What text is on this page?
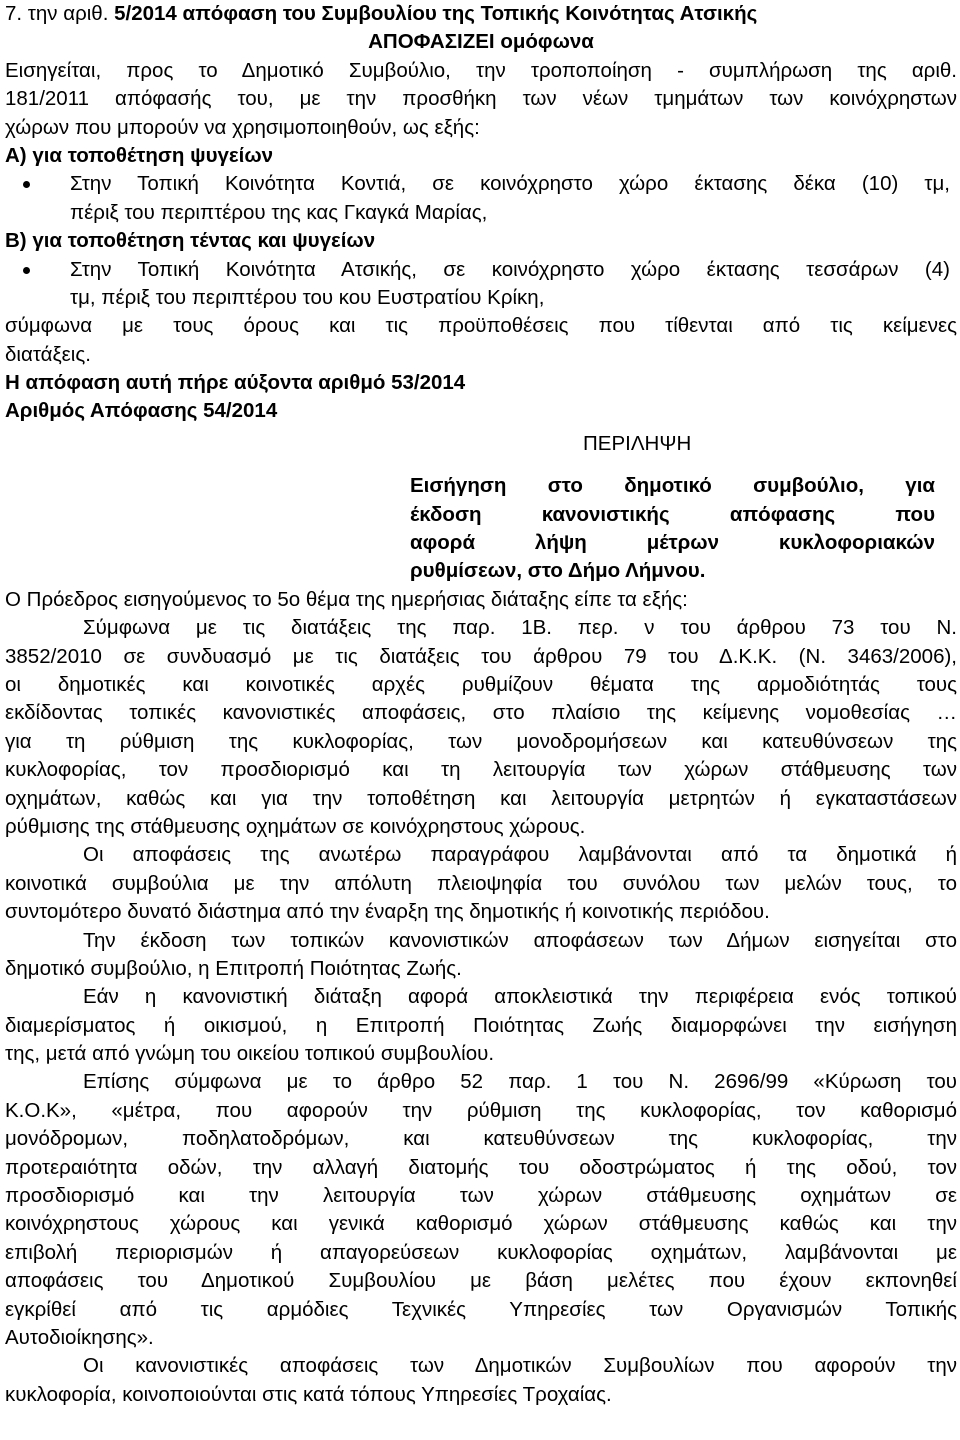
7. την αριθ. 5/2014 απόφαση του Συμβουλίου της Τοπικής Κοινότητας Ατσικής
ΑΠΟΦΑΣΙΖΕΙ ομόφωνα
Εισηγείται, προς το Δημοτικό Συμβούλιο, την τροποποίηση - συμπλήρωση της αριθ.
181/2011 απόφασής του, με την προσθήκη των νέων τμημάτων των κοινόχρηστων
χώρων που μπορούν να χρησιμοποιηθούν, ως εξής:
Α) για τοποθέτηση ψυγείων
Στην Τοπική Κοινότητα Κοντιά, σε κοινόχρηστο χώρο έκτασης δέκα (10) τμ,
πέριξ του περιπτέρου της κας Γκαγκά Μαρίας,
Β) για τοποθέτηση τέντας και ψυγείων
Στην Τοπική Κοινότητα Ατσικής, σε κοινόχρηστο χώρο έκτασης τεσσάρων (4)
τμ, πέριξ του περιπτέρου του κου Ευστρατίου Κρίκη,
σύμφωνα με τους όρους και τις προϋποθέσεις που τίθενται από τις κείμενες
διατάξεις.
Η απόφαση αυτή πήρε αύξοντα αριθμό 53/2014
Αριθμός Απόφασης 54/2014
ΠΕΡΙΛΗΨΗ
Εισήγηση στο δημοτικό συμβούλιο, για
έκδοση κανονιστικής απόφασης που
αφορά λήψη μέτρων κυκλοφοριακών
ρυθμίσεων, στο Δήμο Λήμνου.
Ο Πρόεδρος εισηγούμενος το 5ο θέμα της ημερήσιας διάταξης είπε τα εξής:
Σύμφωνα με τις διατάξεις της παρ. 1Β. περ. ν του άρθρου 73 του Ν.
3852/2010 σε συνδυασμό με τις διατάξεις του άρθρου 79 του Δ.Κ.Κ. (Ν. 3463/2006),
οι δημοτικές και κοινοτικές αρχές ρυθμίζουν θέματα της αρμοδιότητάς τους
εκδίδοντας τοπικές κανονιστικές αποφάσεις, στο πλαίσιο της κείμενης νομοθεσίας …
για τη ρύθμιση της κυκλοφορίας, των μονοδρομήσεων και κατευθύνσεων της
κυκλοφορίας, τον προσδιορισμό και τη λειτουργία των χώρων στάθμευσης των
οχημάτων, καθώς και για την τοποθέτηση και λειτουργία μετρητών ή εγκαταστάσεων
ρύθμισης της στάθμευσης οχημάτων σε κοινόχρηστους χώρους.
Οι αποφάσεις της ανωτέρω παραγράφου λαμβάνονται από τα δημοτικά ή
κοινοτικά συμβούλια με την απόλυτη πλειοψηφία του συνόλου των μελών τους, το
συντομότερο δυνατό διάστημα από την έναρξη της δημοτικής ή κοινοτικής περιόδου.
Την έκδοση των τοπικών κανονιστικών αποφάσεων των Δήμων εισηγείται στο
δημοτικό συμβούλιο, η Επιτροπή Ποιότητας Ζωής.
Εάν η κανονιστική διάταξη αφορά αποκλειστικά την περιφέρεια ενός τοπικού
διαμερίσματος ή οικισμού, η Επιτροπή Ποιότητας Ζωής διαμορφώνει την εισήγηση
της, μετά από γνώμη του οικείου τοπικού συμβουλίου.
Επίσης σύμφωνα με το άρθρο 52 παρ. 1 του Ν. 2696/99 «Κύρωση του
Κ.Ο.Κ», «μέτρα, που αφορούν την ρύθμιση της κυκλοφορίας, τον καθορισμό
μονόδρομων, ποδηλατοδρόμων, και κατευθύνσεων της κυκλοφορίας, την
προτεραιότητα οδών, την αλλαγή διατομής του οδοστρώματος ή της οδού, τον
προσδιορισμό και την λειτουργία των χώρων στάθμευσης οχημάτων σε
κοινόχρηστους χώρους και γενικά καθορισμό χώρων στάθμευσης καθώς και την
επιβολή περιορισμών ή απαγορεύσεων κυκλοφορίας οχημάτων, λαμβάνονται με
αποφάσεις του Δημοτικού Συμβουλίου με βάση μελέτες που έχουν εκπονηθεί
εγκρίθεί από τις αρμόδιες Τεχνικές Υπηρεσίες των Οργανισμών Τοπικής
Αυτοδιοίκησης».
Οι κανονιστικές αποφάσεις των Δημοτικών Συμβουλίων που αφορούν την
κυκλοφορία, κοινοποιούνται στις κατά τόπους Υπηρεσίες Τροχαίας.
